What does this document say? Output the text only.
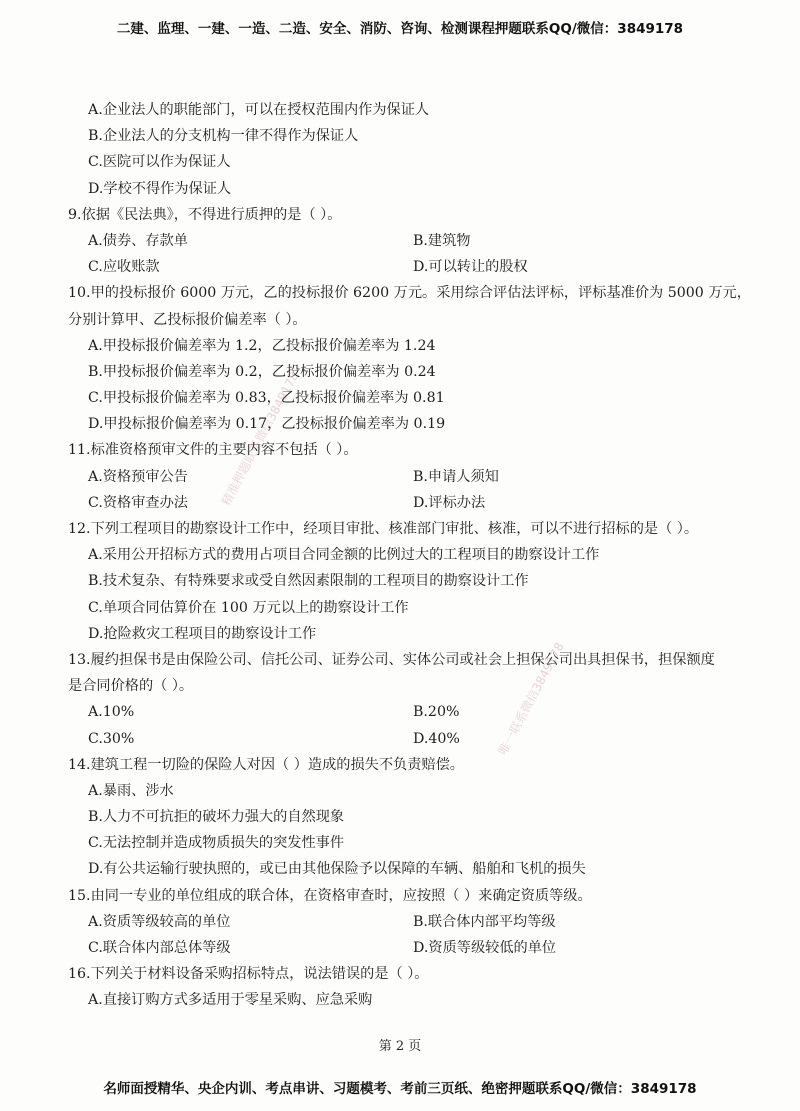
二建、监理、一建、一造、二造、安全、消防、咨询、检测课程押题联系QQ/微信：3849178
精准押题联系微信3849178
唯一联系微信3849178
A.企业法人的职能部门，可以在授权范围内作为保证人
B.企业法人的分支机构一律不得作为保证人
C.医院可以作为保证人
D.学校不得作为保证人
9.依据《民法典》，不得进行质押的是（ ）。
A.债券、存款单	B.建筑物
C.应收账款	D.可以转让的股权
10.甲的投标报价 6000 万元，乙的投标报价 6200 万元。采用综合评估法评标，评标基准价为 5000 万元，
分别计算甲、乙投标报价偏差率（ ）。
A.甲投标报价偏差率为 1.2，乙投标报价偏差率为 1.24
B.甲投标报价偏差率为 0.2，乙投标报价偏差率为 0.24
C.甲投标报价偏差率为 0.83，乙投标报价偏差率为 0.81
D.甲投标报价偏差率为 0.17，乙投标报价偏差率为 0.19
11.标准资格预审文件的主要内容不包括（ ）。
A.资格预审公告	B.申请人须知
C.资格审查办法	D.评标办法
12.下列工程项目的勘察设计工作中，经项目审批、核准部门审批、核准，可以不进行招标的是（ ）。
A.采用公开招标方式的费用占项目合同金额的比例过大的工程项目的勘察设计工作
B.技术复杂、有特殊要求或受自然因素限制的工程项目的勘察设计工作
C.单项合同估算价在 100 万元以上的勘察设计工作
D.抢险救灾工程项目的勘察设计工作
13.履约担保书是由保险公司、信托公司、证券公司、实体公司或社会上担保公司出具担保书，担保额度
是合同价格的（ ）。
A.10%	B.20%
C.30%	D.40%
14.建筑工程一切险的保险人对因（ ）造成的损失不负责赔偿。
A.暴雨、涉水
B.人力不可抗拒的破坏力强大的自然现象
C.无法控制并造成物质损失的突发性事件
D.有公共运输行驶执照的，或已由其他保险予以保障的车辆、船舶和飞机的损失
15.由同一专业的单位组成的联合体，在资格审查时，应按照（ ）来确定资质等级。
A.资质等级较高的单位	B.联合体内部平均等级
C.联合体内部总体等级	D.资质等级较低的单位
16.下列关于材料设备采购招标特点，说法错误的是（ ）。
A.直接订购方式多适用于零星采购、应急采购
第 2 页
名师面授精华、央企内训、考点串讲、习题模考、考前三页纸、绝密押题联系QQ/微信：3849178
